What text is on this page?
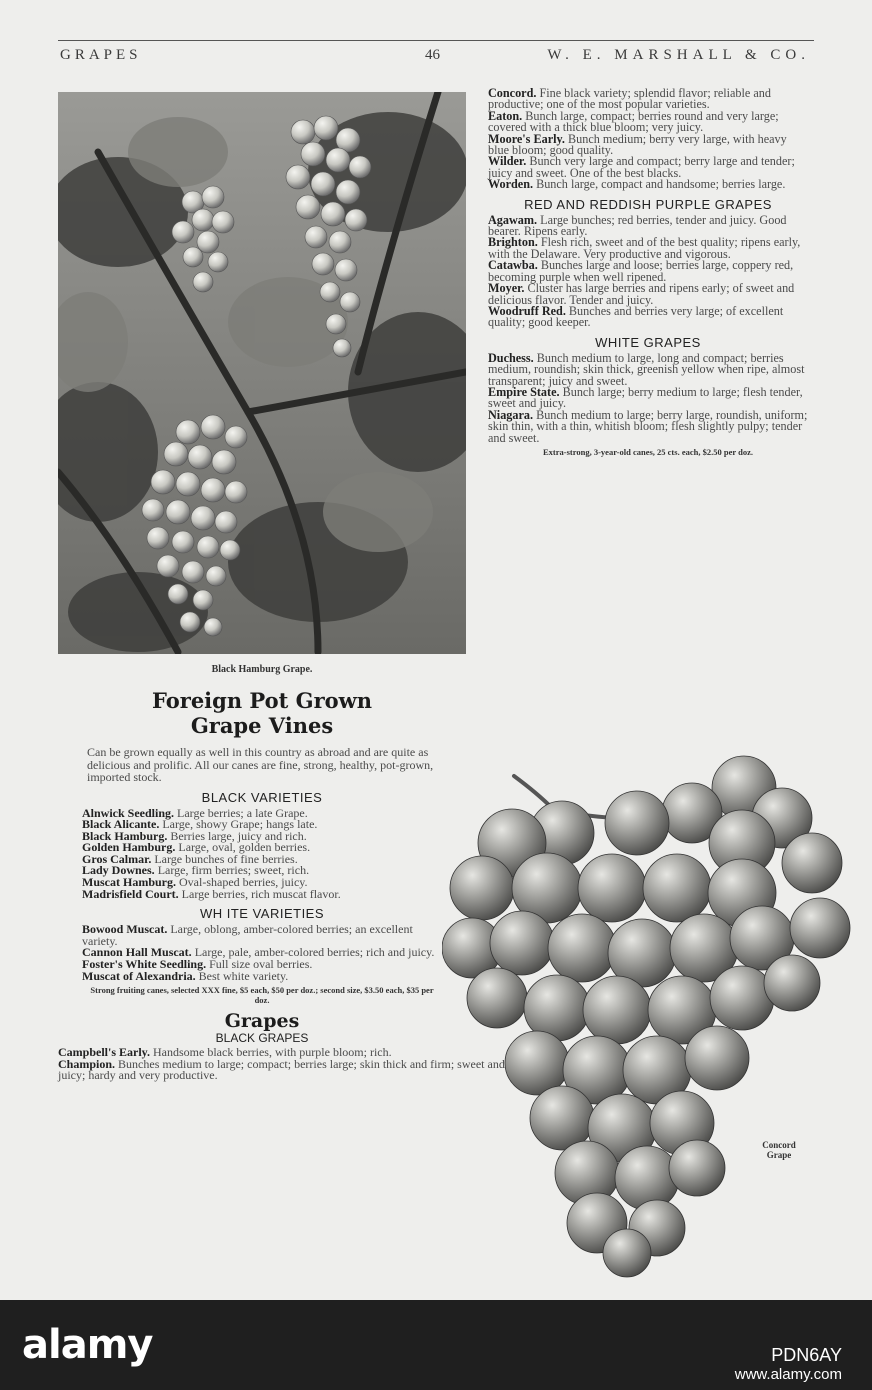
GRAPES	46	W. E. MARSHALL & CO.
Black Hamburg Grape.
Foreign Pot Grown
Grape Vines

Can be grown equally as well in this country as abroad and are quite as delicious and prolific. All our canes are fine, strong, healthy, pot-grown, imported stock.

BLACK VARIETIES

Alnwick Seedling. Large berries; a late Grape.

Black Alicante. Large, showy Grape; hangs late.

Black Hamburg. Berries large, juicy and rich.

Golden Hamburg. Large, oval, golden berries.

Gros Calmar. Large bunches of fine berries.

Lady Downes. Large, firm berries; sweet, rich.

Muscat Hamburg. Oval-shaped berries, juicy.

Madrisfield Court. Large berries, rich muscat flavor.

WH ITE VARIETIES

Bowood Muscat. Large, oblong, amber-colored berries; an excellent variety.

Cannon Hall Muscat. Large, pale, amber-colored berries; rich and juicy.

Foster's White Seedling. Full size oval berries.

Muscat of Alexandria. Best white variety.

Strong fruiting canes, selected XXX fine, $5 each, $50 per doz.; second size, $3.50 each, $35 per doz.

Grapes
BLACK GRAPES

Campbell's Early. Handsome black berries, with purple bloom; rich.

Champion. Bunches medium to large; compact; berries large; skin thick and firm; sweet and juicy; hardy and very productive.

Concord. Fine black variety; splendid flavor; reliable and productive; one of the most popular varieties.

Eaton. Bunch large, compact; berries round and very large; covered with a thick blue bloom; very juicy.

Moore's Early. Bunch medium; berry very large, with heavy blue bloom; good quality.

Wilder. Bunch very large and compact; berry large and tender; juicy and sweet. One of the best blacks.

Worden. Bunch large, compact and handsome; berries large.

RED AND REDDISH PURPLE GRAPES

Agawam. Large bunches; red berries, tender and juicy. Good bearer. Ripens early.

Brighton. Flesh rich, sweet and of the best quality; ripens early, with the Delaware. Very productive and vigorous.

Catawba. Bunches large and loose; berries large, coppery red, becoming purple when well ripened.

Moyer. Cluster has large berries and ripens early; of sweet and delicious flavor. Tender and juicy.

Woodruff Red. Bunches and berries very large; of excellent quality; good keeper.

WHITE GRAPES

Duchess. Bunch medium to large, long and compact; berries medium, roundish; skin thick, greenish yellow when ripe, almost transparent; juicy and sweet.

Empire State. Bunch large; berry medium to large; flesh tender, sweet and juicy.

Niagara. Bunch medium to large; berry large, roundish, uniform; skin thin, with a thin, whitish bloom; flesh slightly pulpy; tender and sweet.

Extra-strong, 3-year-old canes, 25 cts. each, $2.50 per doz.

Concord
Grape
alamy	PDN6AY
www.alamy.com
